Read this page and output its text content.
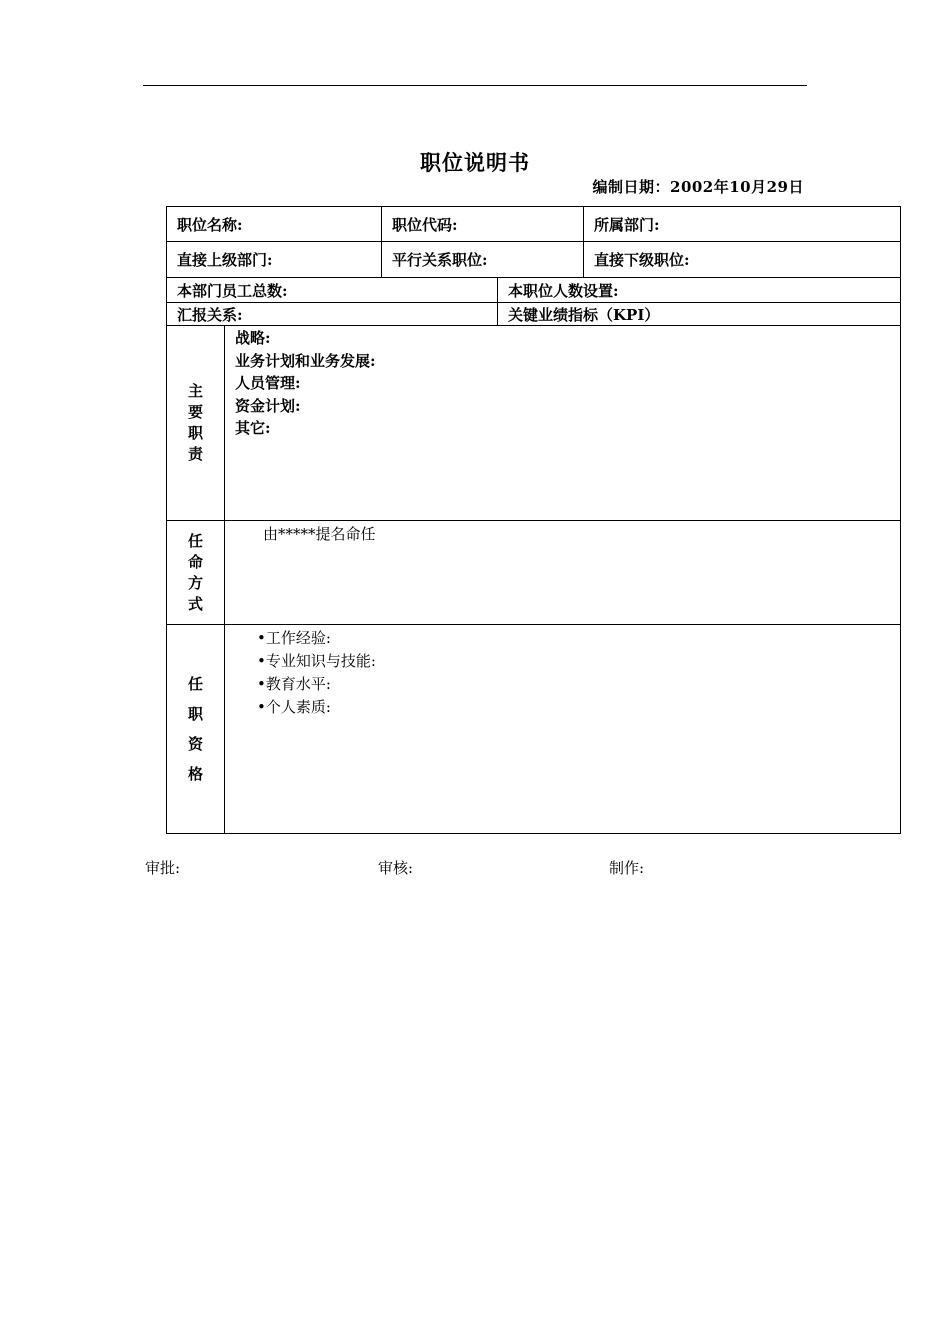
职位说明书
编制日期：2002年10月29日
职位名称:		职位代码:		所属部门:
直接上级部门:		平行关系职位:		直接下级职位:
本部门员工总数:			本职位人数设置:	
汇报关系:			关键业绩指标（KPI）	

主
要
职
责	战略:
业务计划和业务发展:
人员管理:
资金计划:
其它:			

任
命
方
式	由*****提名命任			

任
职
资
格	•工作经验:
•专业知识与技能:
•教育水平:
•个人素质:			
审批:	审核:	制作:
